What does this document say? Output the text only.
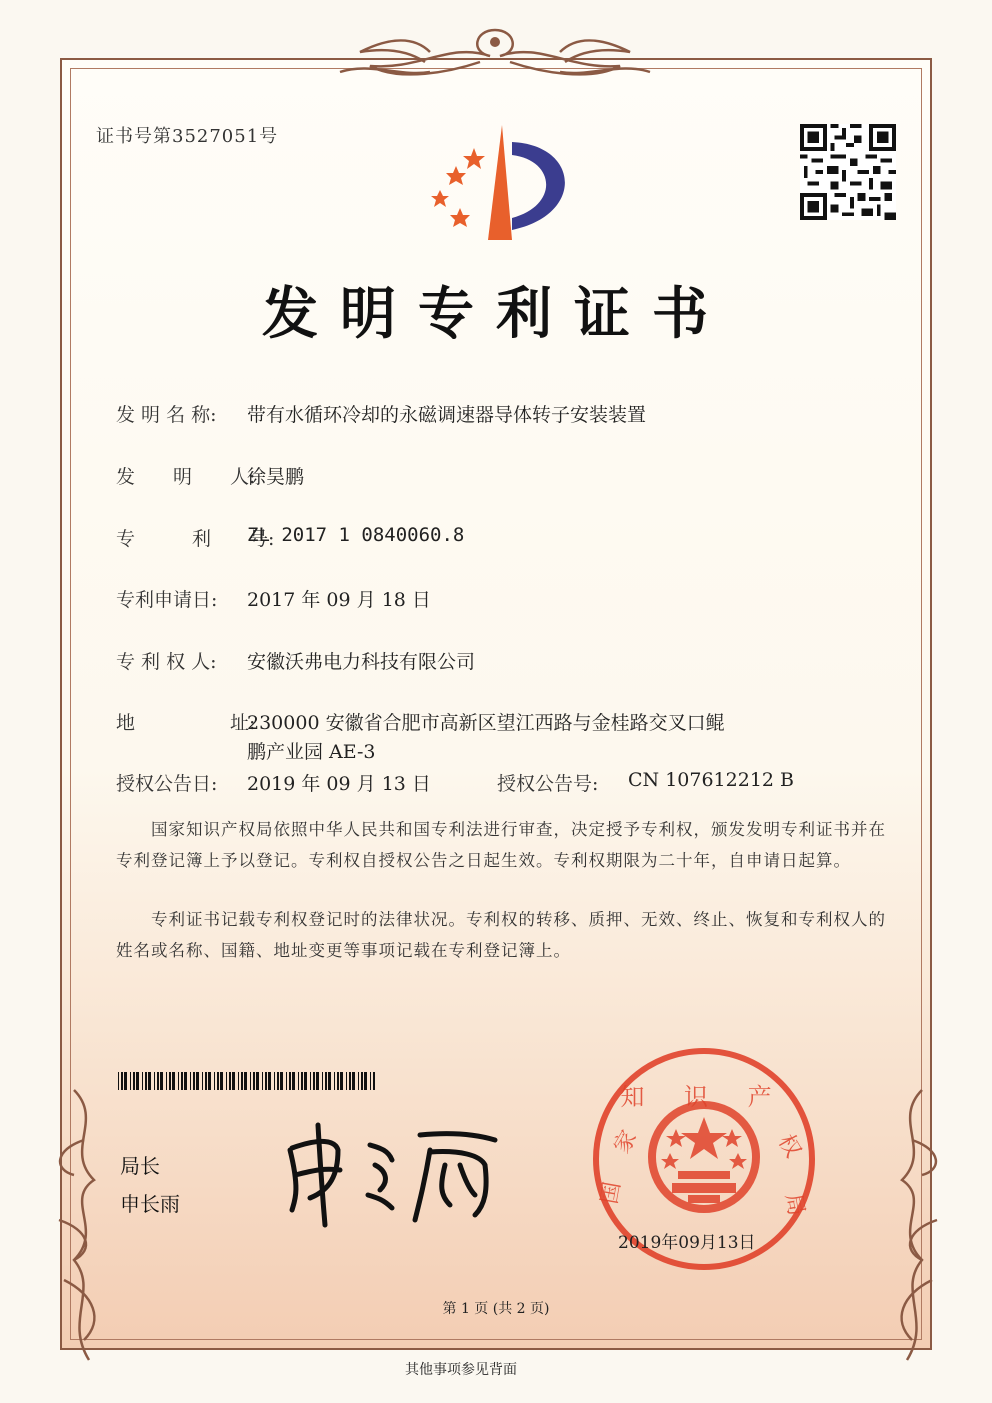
证书号第3527051号
发明专利证书
发 明 名 称: 带有水循环冷却的永磁调速器导体转子安装装置
发　　明　　人:
徐昊鹏
专　　　利　　号:
ZL 2017 1 0840060.8
专利申请日: 2017 年 09 月 18 日
专 利 权 人: 安徽沃弗电力科技有限公司
地　　　　　址:
230000 安徽省合肥市高新区望江西路与金桂路交叉口鲲
鹏产业园 AE-3
授权公告日: 2019 年 09 月 13 日	授权公告号: CN 107612212 B
国家知识产权局依照中华人民共和国专利法进行审查，决定授予专利权，颁发发明专利证书并在专利登记簿上予以登记。专利权自授权公告之日起生效。专利权期限为二十年，自申请日起算。
专利证书记载专利权登记时的法律状况。专利权的转移、质押、无效、终止、恢复和专利权人的姓名或名称、国籍、地址变更等事项记载在专利登记簿上。
局长
申长雨
知 识 产
家
国
权
局
2019年09月13日
第 1 页 (共 2 页)
其他事项参见背面
